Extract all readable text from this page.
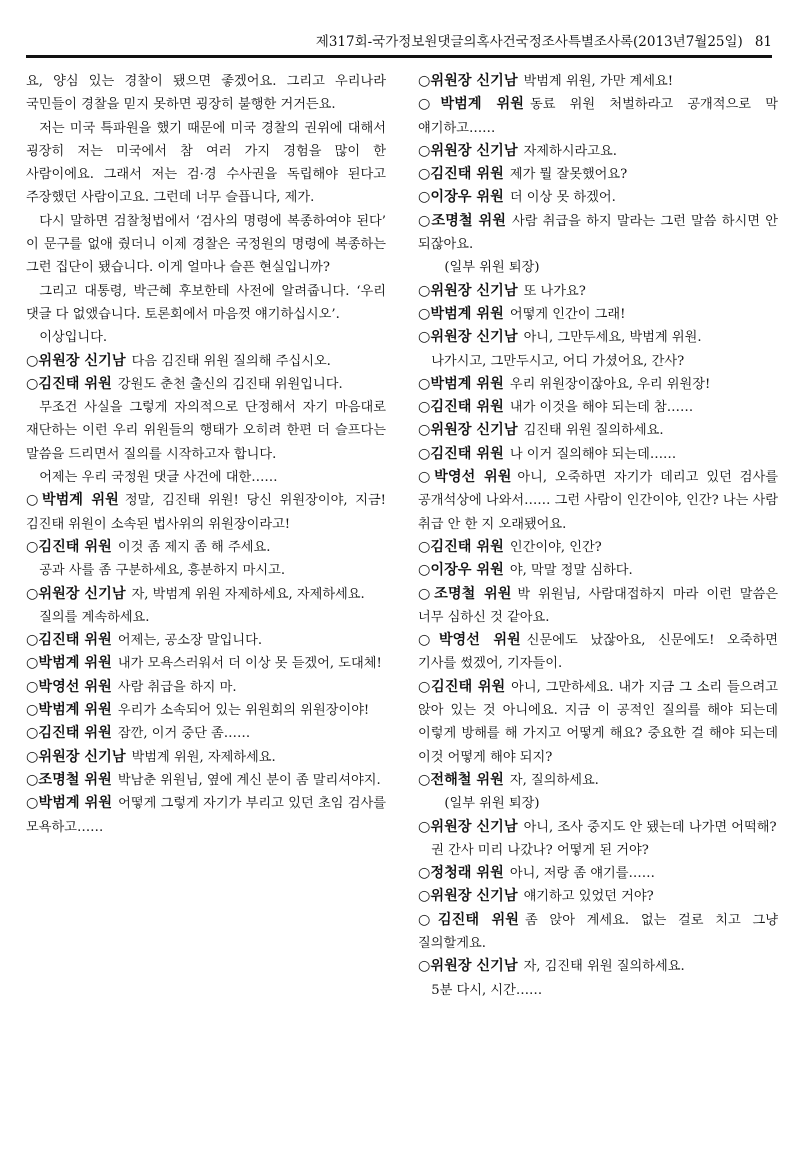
제317회-국가정보원댓글의혹사건국정조사특별조사록(2013년7월25일) 81

요, 양심 있는 경찰이 됐으면 좋겠어요. 그리고 우리나라 국민들이 경찰을 믿지 못하면 굉장히 불행한 거거든요.

저는 미국 특파원을 했기 때문에 미국 경찰의 권위에 대해서 굉장히 저는 미국에서 참 여러 가지 경험을 많이 한 사람이에요. 그래서 저는 검·경 수사권을 독립해야 된다고 주장했던 사람이고요. 그런데 너무 슬픕니다, 제가.

다시 말하면 검찰청법에서 ‘검사의 명령에 복종하여야 된다’ 이 문구를 없애 줬더니 이제 경찰은 국정원의 명령에 복종하는 그런 집단이 됐습니다. 이게 얼마나 슬픈 현실입니까?

그리고 대통령, 박근혜 후보한테 사전에 알려줍니다. ‘우리 댓글 다 없앴습니다. 토론회에서 마음껏 얘기하십시오’.

이상입니다.

○위원장 신기남 다음 김진태 위원 질의해 주십시오.

○김진태 위원 강원도 춘천 출신의 김진태 위원입니다.

무조건 사실을 그렇게 자의적으로 단정해서 자기 마음대로 재단하는 이런 우리 위원들의 행태가 오히려 한편 더 슬프다는 말씀을 드리면서 질의를 시작하고자 합니다.

어제는 우리 국정원 댓글 사건에 대한……

○박범계 위원 정말, 김진태 위원! 당신 위원장이야, 지금! 김진태 위원이 소속된 법사위의 위원장이라고!

○김진태 위원 이것 좀 제지 좀 해 주세요.

공과 사를 좀 구분하세요, 흥분하지 마시고.

○위원장 신기남 자, 박범계 위원 자제하세요, 자제하세요.

질의를 계속하세요.

○김진태 위원 어제는, 공소장 말입니다.

○박범계 위원 내가 모욕스러워서 더 이상 못 듣겠어, 도대체!

○박영선 위원 사람 취급을 하지 마.

○박범계 위원 우리가 소속되어 있는 위원회의 위원장이야!

○김진태 위원 잠깐, 이거 중단 좀……

○위원장 신기남 박범계 위원, 자제하세요.

○조명철 위원 박남춘 위원님, 옆에 계신 분이 좀 말리셔야지.

○박범계 위원 어떻게 그렇게 자기가 부리고 있던 초임 검사를 모욕하고……

○위원장 신기남 박범계 위원, 가만 계세요!

○박범계 위원 동료 위원 처벌하라고 공개적으로 막 얘기하고……

○위원장 신기남 자제하시라고요.

○김진태 위원 제가 뭘 잘못했어요?

○이장우 위원 더 이상 못 하겠어.

○조명철 위원 사람 취급을 하지 말라는 그런 말씀 하시면 안 되잖아요.

(일부 위원 퇴장)

○위원장 신기남 또 나가요?

○박범계 위원 어떻게 인간이 그래!

○위원장 신기남 아니, 그만두세요, 박범계 위원.

나가시고, 그만두시고, 어디 가셨어요, 간사?

○박범계 위원 우리 위원장이잖아요, 우리 위원장!

○김진태 위원 내가 이것을 해야 되는데 참……

○위원장 신기남 김진태 위원 질의하세요.

○김진태 위원 나 이거 질의해야 되는데……

○박영선 위원 아니, 오죽하면 자기가 데리고 있던 검사를 공개석상에 나와서…… 그런 사람이 인간이야, 인간? 나는 사람 취급 안 한 지 오래됐어요.

○김진태 위원 인간이야, 인간?

○이장우 위원 야, 막말 정말 심하다.

○조명철 위원 박 위원님, 사람대접하지 마라 이런 말씀은 너무 심하신 것 같아요.

○박영선 위원 신문에도 났잖아요, 신문에도! 오죽하면 기사를 썼겠어, 기자들이.

○김진태 위원 아니, 그만하세요. 내가 지금 그 소리 들으려고 앉아 있는 것 아니에요. 지금 이 공적인 질의를 해야 되는데 이렇게 방해를 해 가지고 어떻게 해요? 중요한 걸 해야 되는데 이것 어떻게 해야 되지?

○전해철 위원 자, 질의하세요.

(일부 위원 퇴장)

○위원장 신기남 아니, 조사 중지도 안 됐는데 나가면 어떡해?

권 간사 미리 나갔나? 어떻게 된 거야?

○정청래 위원 아니, 저랑 좀 얘기를……

○위원장 신기남 얘기하고 있었던 거야?

○김진태 위원 좀 앉아 계세요. 없는 걸로 치고 그냥 질의할게요.

○위원장 신기남 자, 김진태 위원 질의하세요.

5분 다시, 시간……
